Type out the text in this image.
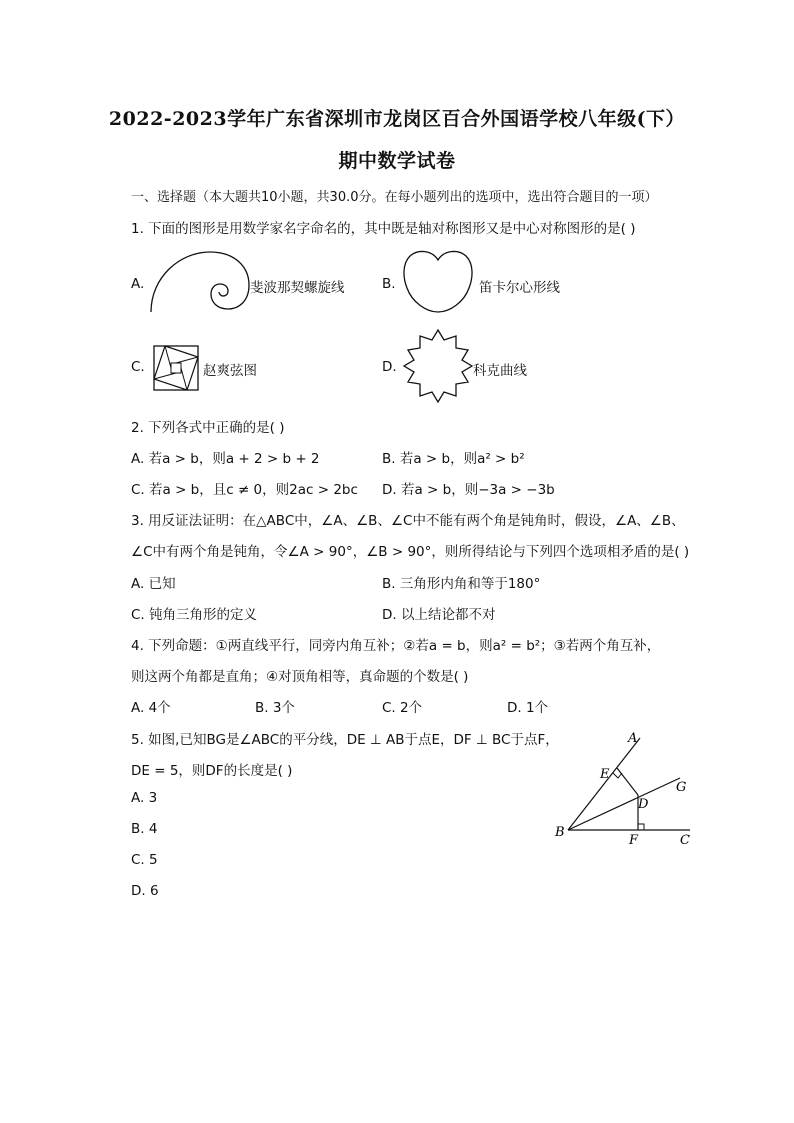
2022-2023学年广东省深圳市龙岗区百合外国语学校八年级(下）
期中数学试卷
一、选择题（本大题共10小题，共30.0分。在每小题列出的选项中，选出符合题目的一项）
1. 下面的图形是用数学家名字命名的，其中既是轴对称图形又是中心对称图形的是( )
A.	斐波那契螺旋线	B.	笛卡尔心形线
C.	赵爽弦图	D.	科克曲线
2. 下列各式中正确的是( )
A. 若a > b，则a + 2 > b + 2	B. 若a > b，则a² > b²
C. 若a > b，且c ≠ 0，则2ac > 2bc D. 若a > b，则−3a > −3b
3. 用反证法证明：在△ABC中，∠A、∠B、∠C中不能有两个角是钝角时，假设，∠A、∠B、
∠C中有两个角是钝角，令∠A > 90°，∠B > 90°，则所得结论与下列四个选项相矛盾的是( )
A. 已知	B. 三角形内角和等于180°
C. 钝角三角形的定义	D. 以上结论都不对
4. 下列命题：①两直线平行，同旁内角互补；②若a = b，则a² = b²；③若两个角互补，
则这两个角都是直角；④对顶角相等，真命题的个数是( )
A. 4个	B. 3个	C. 2个	D. 1个
5. 如图,已知BG是∠ABC的平分线，DE ⊥ AB于点E，DF ⊥ BC于点F，
DE = 5，则DF的长度是( )
A. 3
B. 4
C. 5
D. 6
A
E
G
D
B
F	C
